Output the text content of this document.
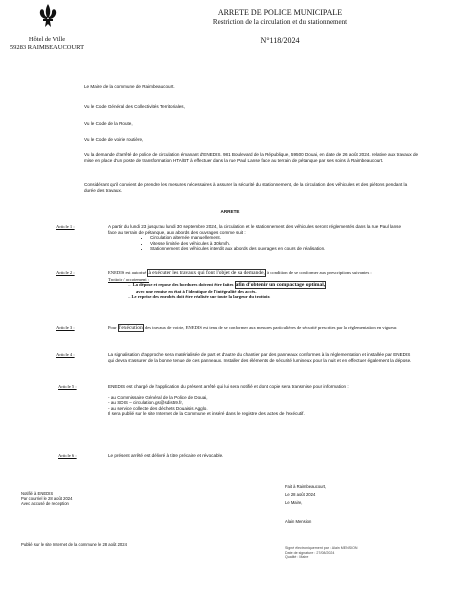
Hôtel de Ville
59283 RAIMBEAUCOURT
ARRETE DE POLICE MUNICIPALE
Restriction de la circulation et du stationnement
N°118/2024
Le Maire de la commune de Raimbeaucourt.
Vu le Code Général des Collectivités Territoriales,
Vu le Code de la Route,
Vu le Code de voirie routière,
Vu la demande d'arrêté de police de circulation émanant d'ENEDIS. 981 Boulevard de la République, 59500 Douai, en date de 26 août 2024. relative aux travaux de mise en place d'un poste de transformation HTA/BT à effectuer dans la rue Paul Lanse face au terrain de pétanque par ses soins à Raimbeaucourt.
Considérant qu'il convient de prendre les mesures nécessaires à assurer la sécurité du stationnement, de la circulation des véhicules et des piétons pendant la durée des travaux.
ARRETE
Article 1 :	A partir du lundi 23 jusqu'au lundi 30 septembre 2024, la circulation et le stationnement des véhicules seront réglementés dans la rue Paul lanse face au terrain de pétanque, aux abords des ouvrages comme suit :
• Circulation alternée manuellement.
• Vitesse limitée des véhicules à 30km/h.
• Stationnement des véhicules interdit aux abords des ouvrages en cours de réalisation.
Article 2 :	ENEDIS est autorisé à exécuter les travaux qui font l'objet de sa demande, à condition de se conformer aux prescriptions suivantes :
Trottoir / accotement :
–  La dépose et repose des bordures doivent être faites afin d'obtenir un compactage optimal,
avec une remise en état à l'identique de l'intégralité des accès.
– Le reprise des enrobés doit être réalisée sur toute la largeur du trottoir.
Article 3 :	Pour l'exécution des travaux de voirie, ENEDIS est tenu de se conformer aux mesures particulières de sécurité prescrites par la réglementation en vigueur.
Article 4 :	La signalisation d'approche sera matérialisée de part et d'autre du chantier par des panneaux conformes à la réglementation et installée par ENEDIS qui devra s'assurer de la bonne tenue de ces panneaux. Installer des éléments de sécurité lumineux pour la nuit et en effectuer également la dépose.
Article 5 :	ENEDIS est chargé de l'application du présent arrêté qui lui sera notifié et dont copie sera transmise pour information :
- au Commissaire Général de la Police de Douai,
- au SDIS – circulation.gs@sdis59.fr,
- au service collecte des déchets Douaisis Agglo.
Il sera publié sur le site Internet de la Commune et inséré dans le registre des actes de l'exécutif.
Article 6 :	Le présent arrêté est délivré à titre précaire et révocable.
Notifié à ENEDIS
Par courriel le 28 août 2024
Avec accusé de reception
Fait à Raimbeaucourt,
Le 28 août 2024
Le Maire,
Alain Mension
Publié sur le site Internet de la commune le 28 août 2024
Signé électroniquement par : Alain MENSION
Date de signature : 27/08/2024
Qualité : Maire
